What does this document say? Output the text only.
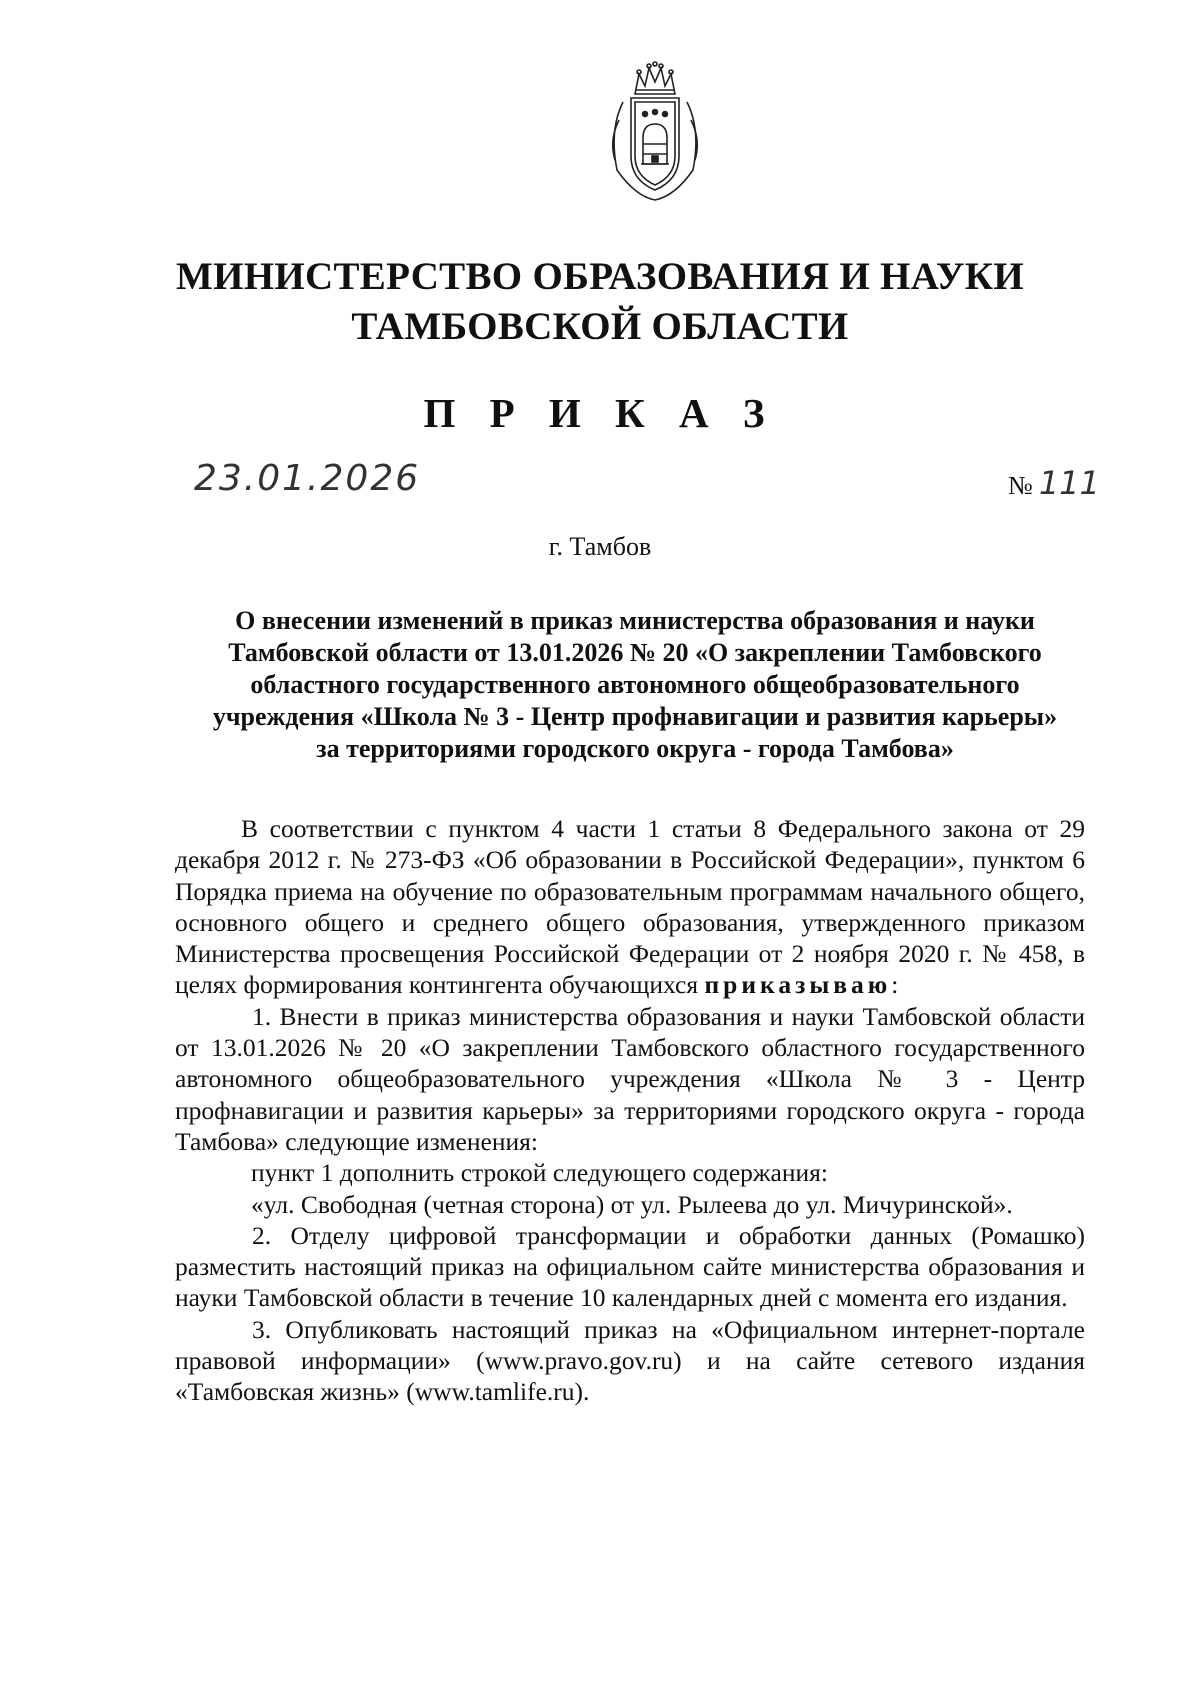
МИНИСТЕРСТВО ОБРАЗОВАНИЯ И НАУКИ
ТАМБОВСКОЙ ОБЛАСТИ
П Р И К А З
23.01.2026	№ 111
г. Тамбов
О внесении изменений в приказ министерства образования и науки
Тамбовской области от 13.01.2026 № 20 «О закреплении Тамбовского
областного государственного автономного общеобразовательного
учреждения «Школа № 3 - Центр профнавигации и развития карьеры»
за территориями городского округа - города Тамбова»

В соответствии с пунктом 4 части 1 статьи 8 Федерального закона от 29 декабря 2012 г. № 273-ФЗ «Об образовании в Российской Федерации», пунктом 6 Порядка приема на обучение по образовательным программам начального общего, основного общего и среднего общего образования, утвержденного приказом Министерства просвещения Российской Федерации от 2 ноября 2020 г. № 458, в целях формирования контингента обучающихся приказываю:

1. Внести в приказ министерства образования и науки Тамбовской области от 13.01.2026 № 20 «О закреплении Тамбовского областного государственного автономного общеобразовательного учреждения «Школа № 3 - Центр профнавигации и развития карьеры» за территориями городского округа - города Тамбова» следующие изменения:

пункт 1 дополнить строкой следующего содержания:

«ул. Свободная (четная сторона) от ул. Рылеева до ул. Мичуринской».

2. Отделу цифровой трансформации и обработки данных (Ромашко) разместить настоящий приказ на официальном сайте министерства образования и науки Тамбовской области в течение 10 календарных дней с момента его издания.

3. Опубликовать настоящий приказ на «Официальном интернет-портале правовой информации» (www.pravo.gov.ru) и на сайте сетевого издания «Тамбовская жизнь» (www.tamlife.ru).
